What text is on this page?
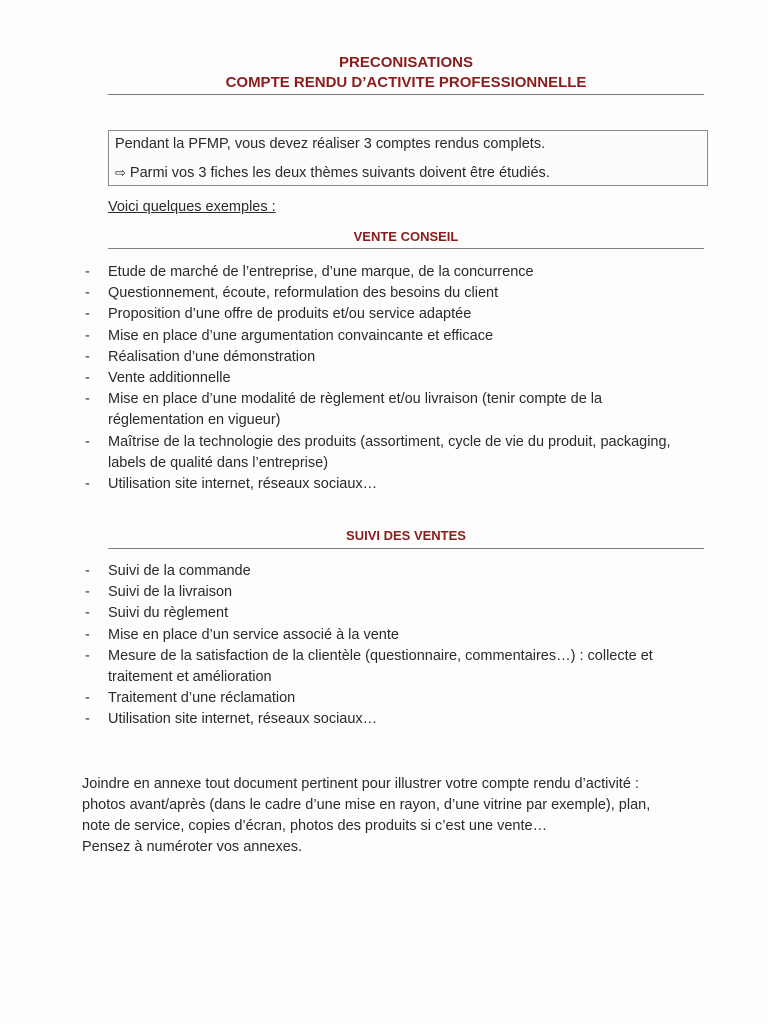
PRECONISATIONS
COMPTE RENDU D’ACTIVITE PROFESSIONNELLE
Pendant la PFMP, vous devez réaliser 3 comptes rendus complets.
⇨ Parmi vos 3 fiches les deux thèmes suivants doivent être étudiés.
Voici quelques exemples :
VENTE CONSEIL
- Etude de marché de l’entreprise, d’une marque, de la concurrence
- Questionnement, écoute, reformulation des besoins du client
- Proposition d’une offre de produits et/ou service adaptée
- Mise en place d’une argumentation convaincante et efficace
- Réalisation d’une démonstration
- Vente additionnelle
- Mise en place d’une modalité de règlement et/ou livraison (tenir compte de la réglementation en vigueur)
- Maîtrise de la technologie des produits (assortiment, cycle de vie du produit, packaging, labels de qualité dans l’entreprise)
- Utilisation site internet, réseaux sociaux…
SUIVI DES VENTES
- Suivi de la commande
- Suivi de la livraison
- Suivi du règlement
- Mise en place d’un service associé à la vente
- Mesure de la satisfaction de la clientèle (questionnaire, commentaires…) : collecte et traitement et amélioration
- Traitement d’une réclamation
- Utilisation site internet, réseaux sociaux…

Joindre en annexe tout document pertinent pour illustrer votre compte rendu d’activité : photos avant/après (dans le cadre d’une mise en rayon, d’une vitrine par exemple), plan, note de service, copies d’écran, photos des produits si c’est une vente…

Pensez à numéroter vos annexes.
